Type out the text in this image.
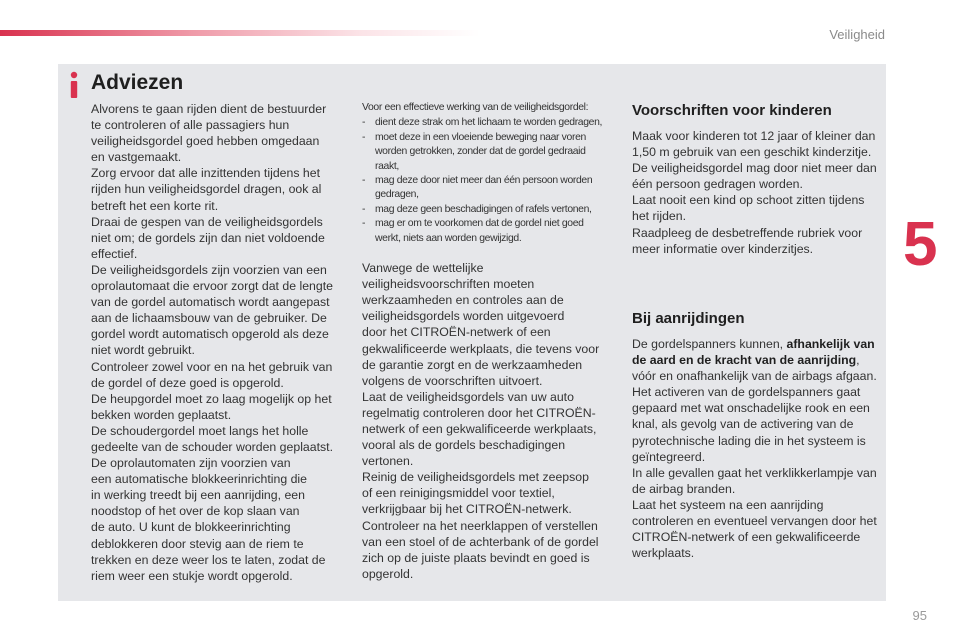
Veiligheid
5
95
Adviezen
Alvorens te gaan rijden dient de bestuurder
te controleren of alle passagiers hun
veiligheidsgordel goed hebben omgedaan
en vastgemaakt.
Zorg ervoor dat alle inzittenden tijdens het
rijden hun veiligheidsgordel dragen, ook al
betreft het een korte rit.
Draai de gespen van de veiligheidsgordels
niet om; de gordels zijn dan niet voldoende
effectief.
De veiligheidsgordels zijn voorzien van een
oprolautomaat die ervoor zorgt dat de lengte
van de gordel automatisch wordt aangepast
aan de lichaamsbouw van de gebruiker. De
gordel wordt automatisch opgerold als deze
niet wordt gebruikt.
Controleer zowel voor en na het gebruik van
de gordel of deze goed is opgerold.
De heupgordel moet zo laag mogelijk op het
bekken worden geplaatst.
De schoudergordel moet langs het holle
gedeelte van de schouder worden geplaatst.
De oprolautomaten zijn voorzien van
een automatische blokkeerinrichting die
in werking treedt bij een aanrijding, een
noodstop of het over de kop slaan van
de auto. U kunt de blokkeerinrichting
deblokkeren door stevig aan de riem te
trekken en deze weer los te laten, zodat de
riem weer een stukje wordt opgerold.
Voor een effectieve werking van de veiligheidsgordel:
- dient deze strak om het lichaam te worden gedragen,
- moet deze in een vloeiende beweging naar voren
worden getrokken, zonder dat de gordel gedraaid
raakt,
- mag deze door niet meer dan één persoon worden
gedragen,
- mag deze geen beschadigingen of rafels vertonen,
- mag er om te voorkomen dat de gordel niet goed
werkt, niets aan worden gewijzigd.
Vanwege de wettelijke
veiligheidsvoorschriften moeten
werkzaamheden en controles aan de
veiligheidsgordels worden uitgevoerd
door het CITROËN-netwerk of een
gekwalificeerde werkplaats, die tevens voor
de garantie zorgt en de werkzaamheden
volgens de voorschriften uitvoert.
Laat de veiligheidsgordels van uw auto
regelmatig controleren door het CITROËN-
netwerk of een gekwalificeerde werkplaats,
vooral als de gordels beschadigingen
vertonen.
Reinig de veiligheidsgordels met zeepsop
of een reinigingsmiddel voor textiel,
verkrijgbaar bij het CITROËN-netwerk.
Controleer na het neerklappen of verstellen
van een stoel of de achterbank of de gordel
zich op de juiste plaats bevindt en goed is
opgerold.
Voorschriften voor kinderen
Maak voor kinderen tot 12 jaar of kleiner dan
1,50 m gebruik van een geschikt kinderzitje.
De veiligheidsgordel mag door niet meer dan
één persoon gedragen worden.
Laat nooit een kind op schoot zitten tijdens
het rijden.
Raadpleeg de desbetreffende rubriek voor
meer informatie over kinderzitjes.
Bij aanrijdingen
De gordelspanners kunnen, afhankelijk van
de aard en de kracht van de aanrijding,
vóór en onafhankelijk van de airbags afgaan.
Het activeren van de gordelspanners gaat
gepaard met wat onschadelijke rook en een
knal, als gevolg van de activering van de
pyrotechnische lading die in het systeem is
geïntegreerd.
In alle gevallen gaat het verklikkerlampje van
de airbag branden.
Laat het systeem na een aanrijding
controleren en eventueel vervangen door het
CITROËN-netwerk of een gekwalificeerde
werkplaats.
